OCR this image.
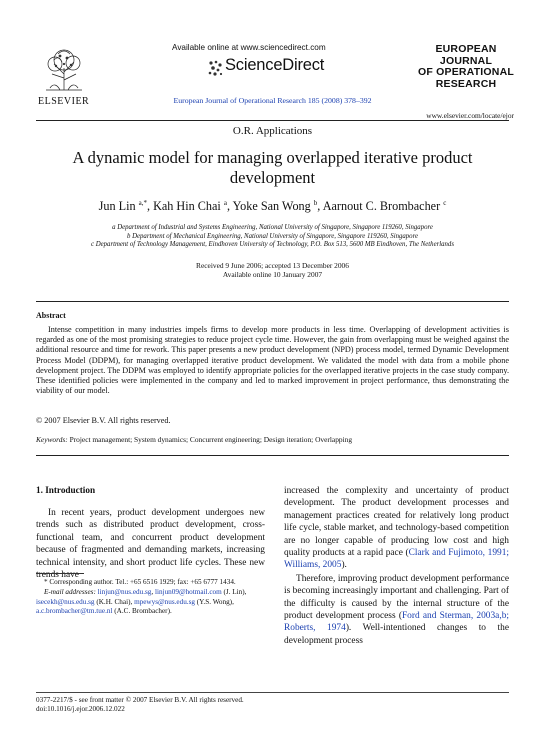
ELSEVIER
Available online at www.sciencedirect.com
ScienceDirect
European Journal of Operational Research 185 (2008) 378–392
EUROPEAN
JOURNAL
OF OPERATIONAL
RESEARCH
www.elsevier.com/locate/ejor
O.R. Applications
A dynamic model for managing overlapped iterative product development
Jun Lin $^{a,*}$, Kah Hin Chai $^a$, Yoke San Wong $^b$, Aarnout C. Brombacher $^c$
a Department of Industrial and Systems Engineering, National University of Singapore, Singapore 119260, Singapore
b Department of Mechanical Engineering, National University of Singapore, Singapore 119260, Singapore
c Department of Technology Management, Eindhoven University of Technology, P.O. Box 513, 5600 MB Eindhoven, The Netherlands
Received 9 June 2006; accepted 13 December 2006
Available online 10 January 2007
Abstract
Intense competition in many industries impels firms to develop more products in less time. Overlapping of development activities is regarded as one of the most promising strategies to reduce project cycle time. However, the gain from overlapping must be weighed against the additional resource and time for rework. This paper presents a new product development (NPD) process model, termed Dynamic Development Process Model (DDPM), for managing overlapped iterative product development. We validated the model with data from a mobile phone development project. The DDPM was employed to identify appropriate policies for the overlapped iterative projects in the case study company. These identified policies were implemented in the company and led to marked improvement in project performance, thus demonstrating the viability of our model.
© 2007 Elsevier B.V. All rights reserved.
Keywords: Project management; System dynamics; Concurrent engineering; Design iteration; Overlapping
1. Introduction

In recent years, product development undergoes new trends such as distributed product development, cross-functional team, and concurrent product development because of fragmented and demanding markets, increasing technical intensity, and short product life cycles. These new trends have

increased the complexity and uncertainty of product development. The product development processes and management practices created for relatively long product life cycle, stable market, and technology-based competition are no longer capable of producing low cost and high quality products at a rapid pace (Clark and Fujimoto, 1991; Williams, 2005).

Therefore, improving product development performance is becoming increasingly important and challenging. Part of the difficulty is caused by the internal structure of the product development process (Ford and Sterman, 2003a,b; Roberts, 1974). Well-intentioned changes to the development process

* Corresponding author. Tel.: +65 6516 1929; fax: +65 6777 1434.
E-mail addresses: linjun@nus.edu.sg, linjun09@hotmail.com (J. Lin), isecekh@nus.edu.sg (K.H. Chai), mpewys@nus.edu.sg (Y.S. Wong), a.c.brombacher@tm.tue.nl (A.C. Brombacher).
0377-2217/$ - see front matter © 2007 Elsevier B.V. All rights reserved.
doi:10.1016/j.ejor.2006.12.022
